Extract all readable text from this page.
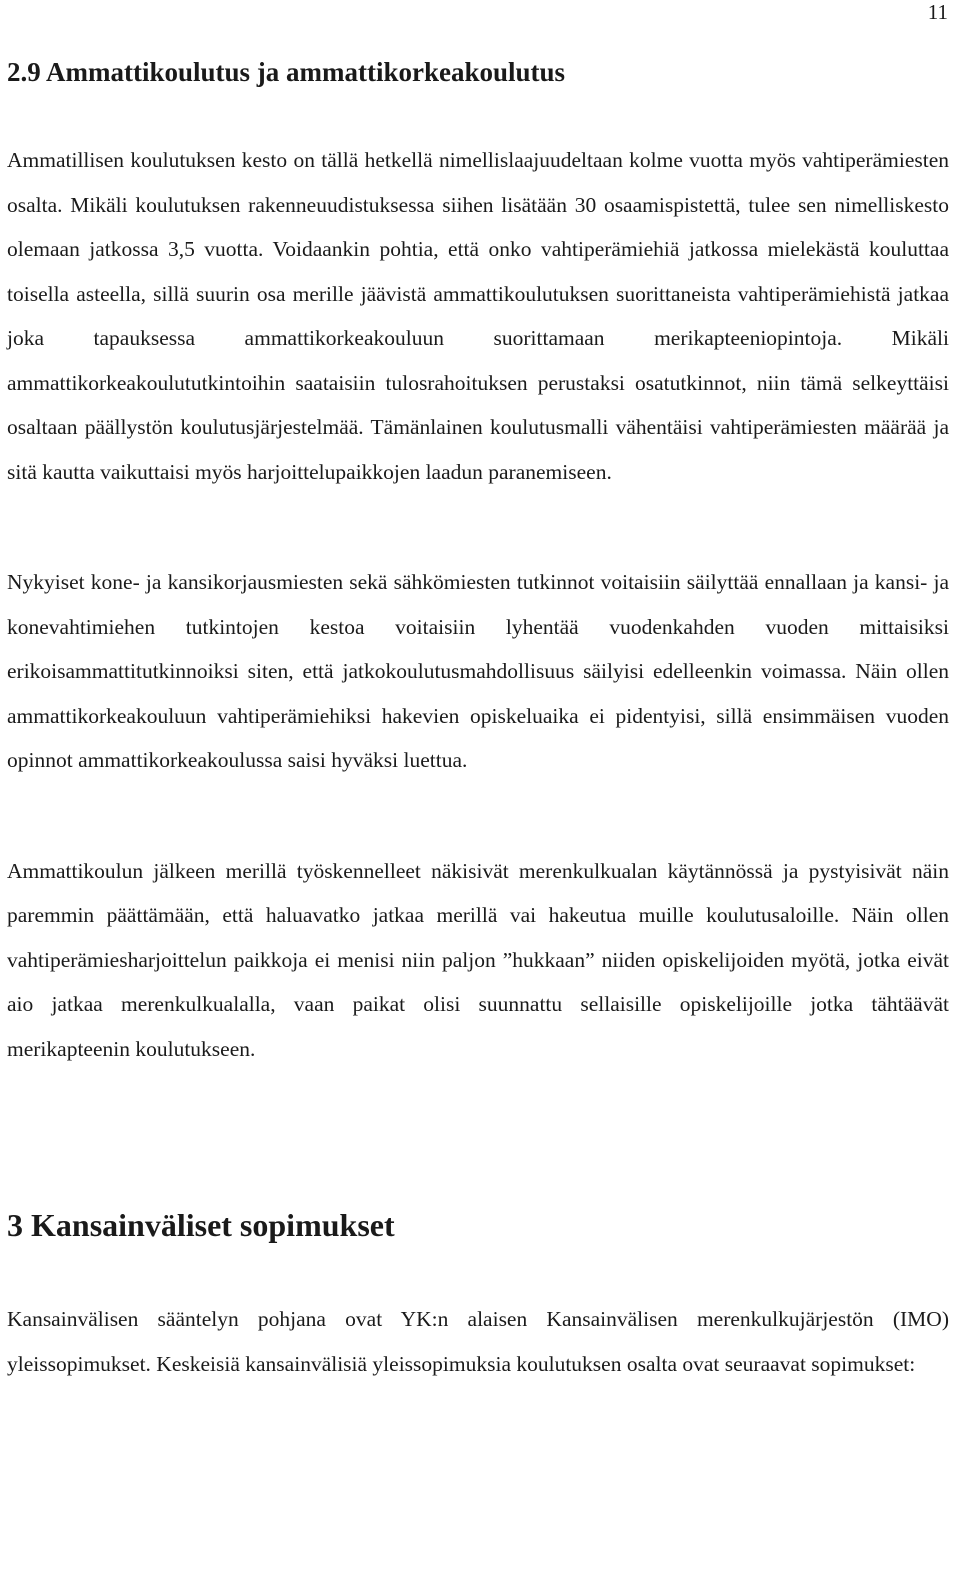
11
2.9 Ammattikoulutus ja ammattikorkeakoulutus

Ammatillisen koulutuksen kesto on tällä hetkellä nimellislaajuudeltaan kolme vuotta myös vahtiperämiesten osalta. Mikäli koulutuksen rakenneuudistuksessa siihen lisätään 30 osaamispistettä, tulee sen nimelliskesto olemaan jatkossa 3,5 vuotta. Voidaankin pohtia, että onko vahtiperämiehiä jatkossa mielekästä kouluttaa toisella asteella, sillä suurin osa merille jäävistä ammattikoulutuksen suorittaneista vahtiperämiehistä jatkaa joka tapauksessa ammattikorkeakouluun suorittamaan merikapteeniopintoja. Mikäli ammattikorkeakoulututkintoihin saataisiin tulosrahoituksen perustaksi osatutkinnot, niin tämä selkeyttäisi osaltaan päällystön koulutusjärjestelmää. Tämänlainen koulutusmalli vähentäisi vahtiperämiesten määrää ja sitä kautta vaikuttaisi myös harjoittelupaikkojen laadun paranemiseen.

Nykyiset kone- ja kansikorjausmiesten sekä sähkömiesten tutkinnot voitaisiin säilyttää ennallaan ja kansi- ja konevahtimiehen tutkintojen kestoa voitaisiin lyhentää vuodenkahden vuoden mittaisiksi erikoisammattitutkinnoiksi siten, että jatkokoulutusmahdollisuus säilyisi edelleenkin voimassa. Näin ollen ammattikorkeakouluun vahtiperämiehiksi hakevien opiskeluaika ei pidentyisi, sillä ensimmäisen vuoden opinnot ammattikorkeakoulussa saisi hyväksi luettua.

Ammattikoulun jälkeen merillä työskennelleet näkisivät merenkulkualan käytännössä ja pystyisivät näin paremmin päättämään, että haluavatko jatkaa merillä vai hakeutua muille koulutusaloille. Näin ollen vahtiperämiesharjoittelun paikkoja ei menisi niin paljon ”hukkaan” niiden opiskelijoiden myötä, jotka eivät aio jatkaa merenkulkualalla, vaan paikat olisi suunnattu sellaisille opiskelijoille jotka tähtäävät merikapteenin koulutukseen.

3 Kansainväliset sopimukset

Kansainvälisen sääntelyn pohjana ovat YK:n alaisen Kansainvälisen merenkulkujärjestön (IMO) yleissopimukset. Keskeisiä kansainvälisiä yleissopimuksia koulutuksen osalta ovat seuraavat sopimukset:
